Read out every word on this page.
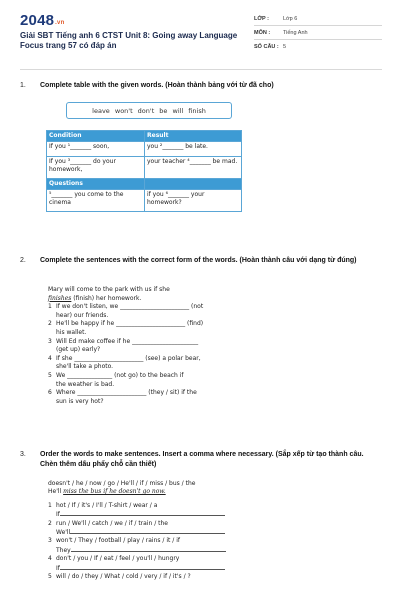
2048.vn
Giải SBT Tiếng anh 6 CTST Unit 8: Going away Language Focus trang 57 có đáp án
LỚP :	Lớp 6
MÔN :	Tiếng Anh
SỐ CÂU : 5
1. Complete table with the given words. (Hoàn thành bảng với từ đã cho)
leave won't don't be will finish
Condition	Result
If you ¹_______ soon,	you ²_______ be late.
If you ³_______ do your homework,	your teacher ⁴_______ be mad.
Questions	
⁵_______ you come to the cinema	if you ⁶_______ your homework?
2. Complete the sentences with the correct form of the words. (Hoàn thành câu với dạng từ đúng)
Mary will come to the park with us if she
finishes (finish) her homework.
1 If we don't listen, we _______________________ (not
hear) our friends.
2 He'll be happy if he _______________________ (find)
his wallet.
3 Will Ed make coffee if he ______________________
(get up) early?
4 If she _______________________ (see) a polar bear,
she'll take a photo.
5 We _______________ (not go) to the beach if
the weather is bad.
6 Where _______________________ (they / sit) if the
sun is very hot?
3. Order the words to make sentences. Insert a comma where necessary. (Sắp xếp từ tạo thành câu. Chèn thêm dấu phẩy chỗ cần thiết)
doesn't / he / now / go / He'll / if / miss / bus / the
He'll miss the bus if he doesn't go now.
1 hot / If / it's / I'll / T-shirt / wear / a
If
2 run / We'll / catch / we / if / train / the
We'll
3 won't / They / football / play / rains / it / if
They
4 don't / you / If / eat / feel / you'll / hungry
If
5 will / do / they / What / cold / very / if / it's / ?
